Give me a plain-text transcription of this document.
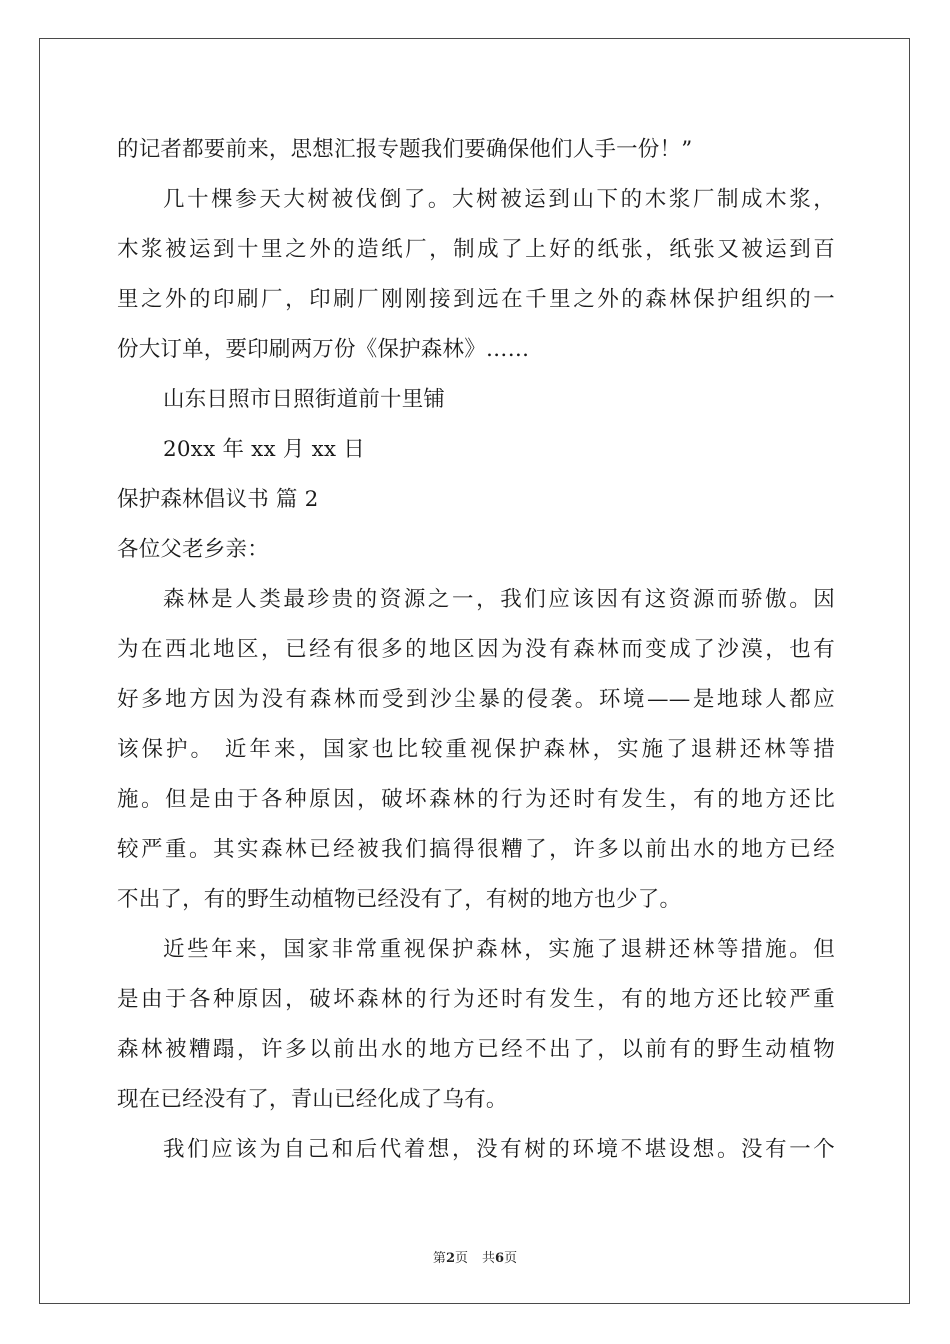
的记者都要前来，思想汇报专题我们要确保他们人手一份！”
几十棵参天大树被伐倒了。大树被运到山下的木浆厂制成木浆，
木浆被运到十里之外的造纸厂，制成了上好的纸张，纸张又被运到百
里之外的印刷厂，印刷厂刚刚接到远在千里之外的森林保护组织的一
份大订单，要印刷两万份《保护森林》……
山东日照市日照街道前十里铺
20xx 年 xx 月 xx 日
保护森林倡议书 篇 2
各位父老乡亲：
森林是人类最珍贵的资源之一，我们应该因有这资源而骄傲。因
为在西北地区，已经有很多的地区因为没有森林而变成了沙漠，也有
好多地方因为没有森林而受到沙尘暴的侵袭。环境——是地球人都应
该保护。 近年来，国家也比较重视保护森林，实施了退耕还林等措
施。但是由于各种原因，破坏森林的行为还时有发生，有的地方还比
较严重。其实森林已经被我们搞得很糟了，许多以前出水的地方已经
不出了，有的野生动植物已经没有了，有树的地方也少了。
近些年来，国家非常重视保护森林，实施了退耕还林等措施。但
是由于各种原因，破坏森林的行为还时有发生，有的地方还比较严重
森林被糟蹋，许多以前出水的地方已经不出了，以前有的野生动植物
现在已经没有了，青山已经化成了乌有。
我们应该为自己和后代着想，没有树的环境不堪设想。没有一个
第2页 共6页
